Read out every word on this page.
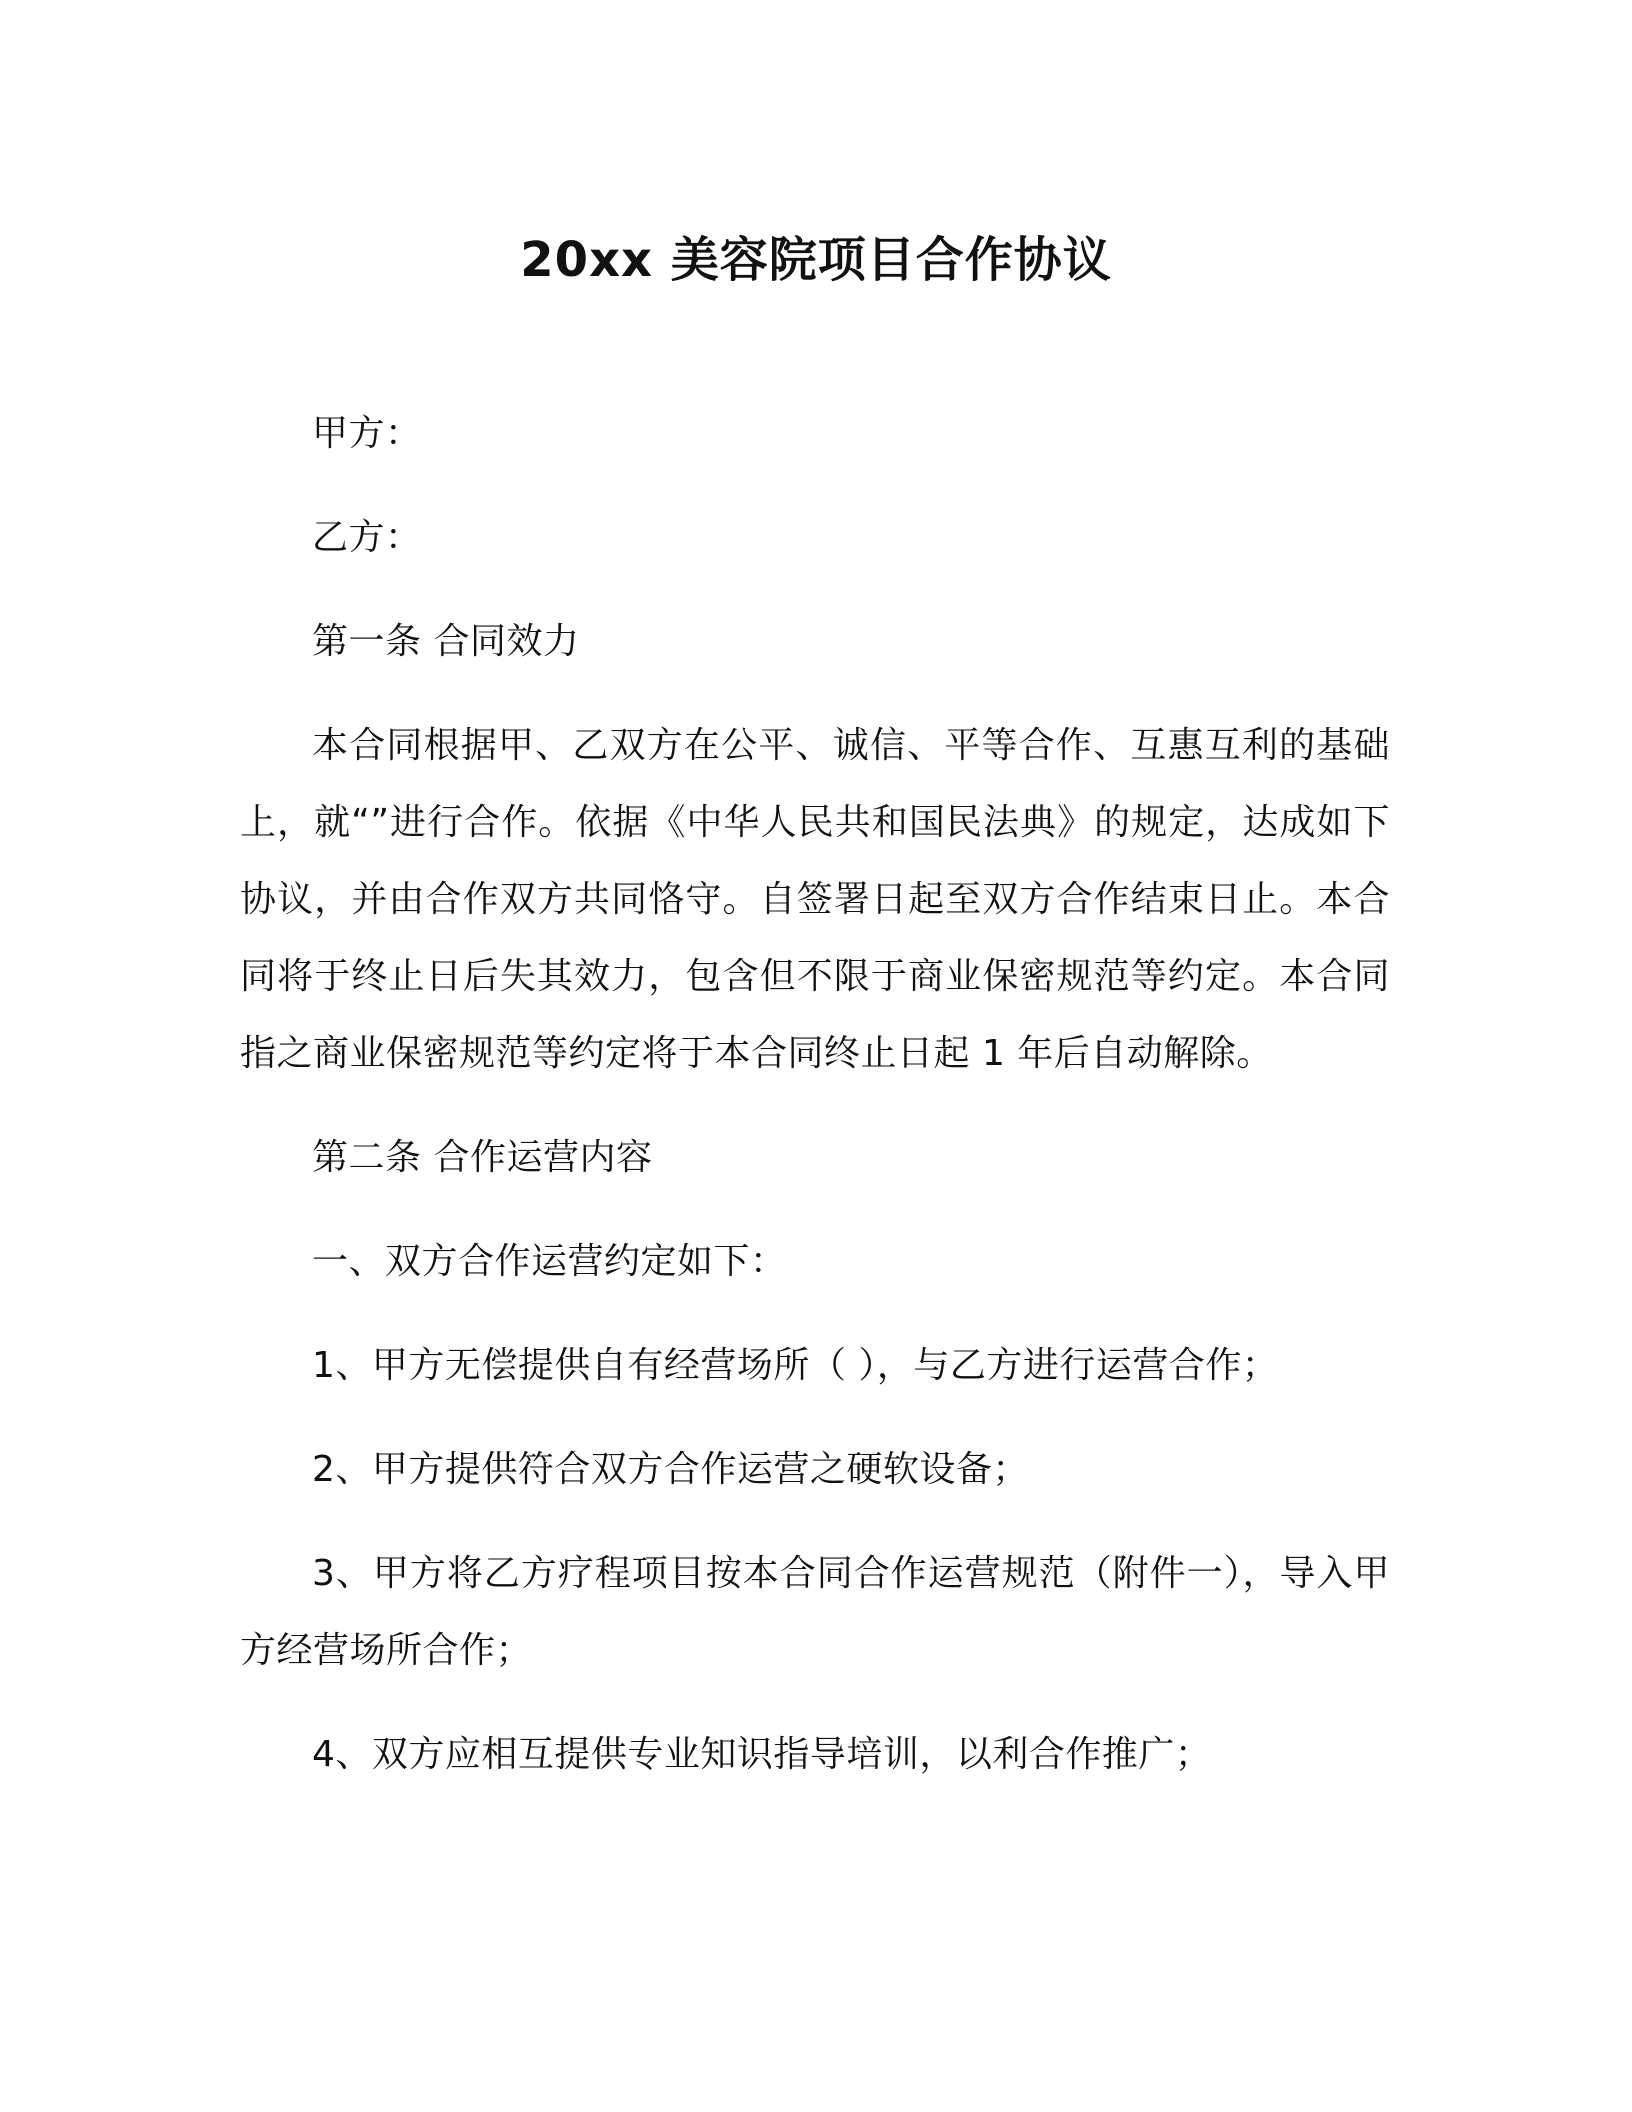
20xx 美容院项目合作协议

甲方：

乙方：

第一条 合同效力

本合同根据甲、乙双方在公平、诚信、平等合作、互惠互利的基础上，就“”进行合作。依据《中华人民共和国民法典》的规定，达成如下协议，并由合作双方共同恪守。自签署日起至双方合作结束日止。本合同将于终止日后失其效力，包含但不限于商业保密规范等约定。本合同指之商业保密规范等约定将于本合同终止日起 1 年后自动解除。

第二条 合作运营内容

一、双方合作运营约定如下：

1、甲方无偿提供自有经营场所（ ），与乙方进行运营合作；

2、甲方提供符合双方合作运营之硬软设备；

3、甲方将乙方疗程项目按本合同合作运营规范（附件一），导入甲方经营场所合作；

4、双方应相互提供专业知识指导培训，以利合作推广；
